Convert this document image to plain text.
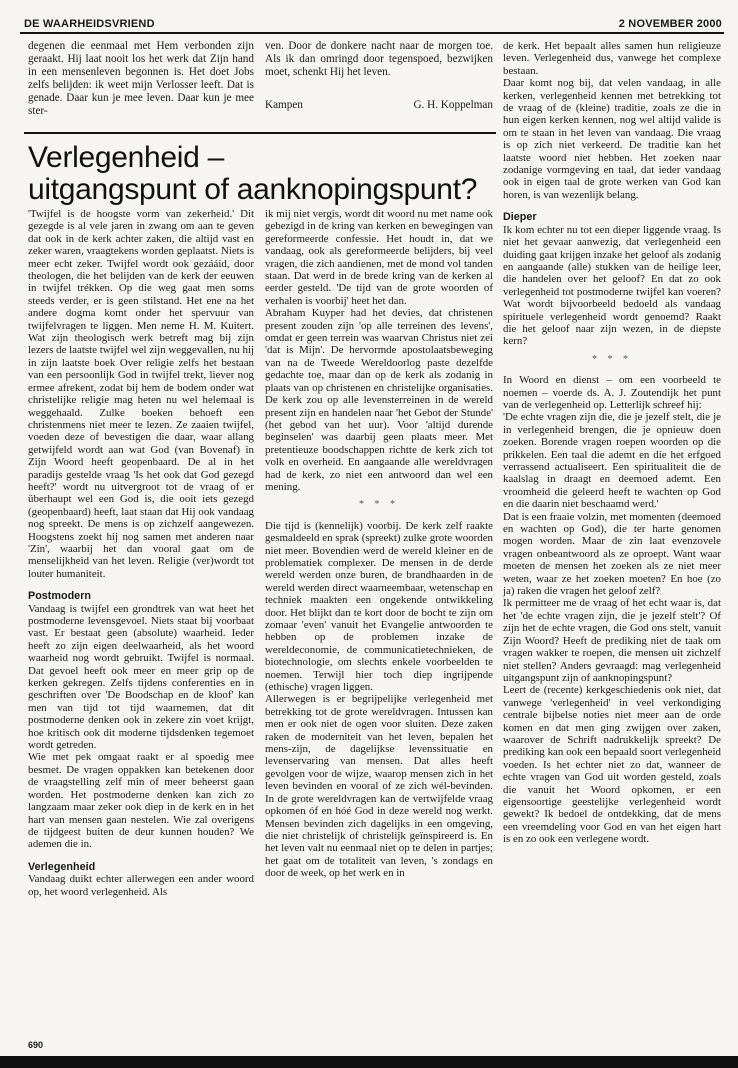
DE WAARHEIDSVRIEND	2 NOVEMBER 2000

degenen die eenmaal met Hem verbonden zijn geraakt. Hij laat nooit los het werk dat Zijn hand in een mensenleven begonnen is. Het doet Jobs zelfs belijden: ik weet mijn Verlosser leeft. Dat is genade. Daar kun je mee leven. Daar kun je mee ster-

ven. Door de donkere nacht naar de morgen toe. Als ik dan omringd door tegenspoed, bezwijken moet, schenkt Hij het leven.

Kampen	G. H. Koppelman
Verlegenheid –
uitgangspunt of aanknopingspunt?

'Twijfel is de hoogste vorm van zekerheid.' Dit gezegde is al vele jaren in zwang om aan te geven dat ook in de kerk achter zaken, die altijd vast en zeker waren, vraagtekens worden geplaatst. Niets is meer echt zeker. Twijfel wordt ook gezááid, door theologen, die het belijden van de kerk der eeuwen in twijfel trékken. Op die weg gaat men soms steeds verder, er is geen stilstand. Het ene na het andere dogma komt onder het spervuur van twijfelvragen te liggen. Men neme H. M. Kuitert. Wat zijn theologisch werk betreft mag bij zijn lezers de laatste twijfel wel zijn weggevallen, nu hij in zijn laatste boek Over religie zelfs het bestaan van een persoonlijk God in twijfel trekt, liever nog ermee afrekent, zodat bij hem de bodem onder wat christelijke religie mag heten nu wel helemaal is weggehaald. Zulke boeken behoeft een christenmens niet meer te lezen. Ze zaaien twijfel, voeden deze of bevestigen die daar, waar allang getwijfeld wordt aan wat God (van Bovenaf) in Zijn Woord heeft geopenbaard. De al in het paradijs gestelde vraag 'Is het ook dat God gezegd heeft?' wordt nu uitvergroot tot de vraag of er überhaupt wel een God is, die ooit iets gezegd (geopenbaard) heeft, laat staan dat Hij ook vandaag nog spreekt. De mens is op zichzelf aangewezen. Hoogstens zoekt hij nog samen met anderen naar 'Zin', waarbij het dan vooral gaat om de menselijkheid van het leven. Religie (ver)wordt tot louter humaniteit.

Postmodern

Vandaag is twijfel een grondtrek van wat heet het postmoderne levensgevoel. Niets staat bij voorbaat vast. Er bestaat geen (absolute) waarheid. Ieder heeft zo zijn eigen deelwaarheid, als het woord waarheid nog wordt gebruikt. Twijfel is normaal. Dat gevoel heeft ook meer en meer grip op de kerken gekregen. Zelfs tijdens conferenties en in geschriften over 'De Boodschap en de kloof' kan men van tijd tot tijd waarnemen, dat dit postmoderne denken ook in zekere zin voet krijgt, hoe kritisch ook dit moderne tijdsdenken tegemoet wordt getreden.

Wie met pek omgaat raakt er al spoedig mee besmet. De vragen oppakken kan betekenen door de vraagstelling zelf min of meer beheerst gaan worden. Het postmoderne denken kan zich zo langzaam maar zeker ook diep in de kerk en in het hart van mensen gaan nestelen. Wie zal overigens de tijdgeest buiten de deur kunnen houden? We ademen die in.

Verlegenheid

Vandaag duikt echter allerwegen een ander woord op, het woord verlegenheid. Als

ik mij niet vergis, wordt dit woord nu met name ook gebezigd in de kring van kerken en bewegingen van gereformeerde confessie. Het houdt in, dat we vandaag, ook als gereformeerde belijders, bij veel vragen, die zich aandienen, met de mond vol tanden staan. Dat werd in de brede kring van de kerken al eerder gesteld. 'De tijd van de grote woorden of verhalen is voorbij' heet het dan.

Abraham Kuyper had het devies, dat christenen present zouden zijn 'op alle terreinen des levens', omdat er geen terrein was waarvan Christus niet zei 'dat is Mijn'. De hervormde apostolaatsbeweging van na de Tweede Wereldoorlog paste dezelfde gedachte toe, maar dan op de kerk als zodanig in plaats van op christenen en christelijke organisaties. De kerk zou op alle levensterreinen in de wereld present zijn en handelen naar 'het Gebot der Stunde' (het gebod van het uur). Voor 'altijd durende beginselen' was daarbij geen plaats meer. Met pretentieuze boodschappen richtte de kerk zich tot volk en overheid. En aangaande alle wereldvragen had de kerk, zo niet een antwoord dan wel een mening.

* * *

Die tijd is (kennelijk) voorbij. De kerk zelf raakte gesmaldeeld en sprak (spreekt) zulke grote woorden niet meer. Bovendien werd de wereld kleiner en de problematiek complexer. De mensen in de derde wereld werden onze buren, de brandhaarden in de wereld werden direct waarneembaar, wetenschap en techniek maakten een ongekende ontwikkeling door. Het blijkt dan te kort door de bocht te zijn om zomaar 'even' vanuit het Evangelie antwoorden te hebben op de problemen inzake de wereldeconomie, de communicatietechnieken, de biotechnologie, om slechts enkele voorbeelden te noemen. Terwijl hier toch diep ingrijpende (ethische) vragen liggen.

Allerwegen is er begrijpelijke verlegenheid met betrekking tot de grote wereldvragen. Intussen kan men er ook niet de ogen voor sluiten. Deze zaken raken de moderniteit van het leven, bepalen het mens-zijn, de dagelijkse levenssituatie en levenservaring van mensen. Dat alles heeft gevolgen voor de wijze, waarop mensen zich in het leven bevinden en vooral of ze zich wél-bevinden. In de grote wereldvragen kan de vertwijfelde vraag opkomen óf en hóé God in deze wereld nog werkt. Mensen bevinden zich dagelijks in een omgeving, die niet christelijk of christelijk geïnspireerd is. En het leven valt nu eenmaal niet op te delen in partjes; het gaat om de totaliteit van leven, 's zondags en door de week, op het werk en in

de kerk. Het bepaalt alles samen hun religieuze leven. Verlegenheid dus, vanwege het complexe bestaan.

Daar komt nog bij, dat velen vandaag, in alle kerken, verlegenheid kennen met betrekking tot de vraag of de (kleine) traditie, zoals ze die in hun eigen kerken kennen, nog wel altijd valide is om te staan in het leven van vandaag. Die vraag is op zich niet verkeerd. De traditie kan het laatste woord niet hebben. Het zoeken naar zodanige vormgeving en taal, dat ieder vandaag ook in eigen taal de grote werken van God kan horen, is van wezenlijk belang.

Dieper

Ik kom echter nu tot een dieper liggende vraag. Is niet het gevaar aanwezig, dat verlegenheid een duiding gaat krijgen inzake het geloof als zodanig en aangaande (alle) stukken van de heilige leer, die handelen over het geloof? En dat zo ook verlegenheid tot postmoderne twijfel kan voeren? Wat wordt bijvoorbeeld bedoeld als vandaag spirituele verlegenheid wordt genoemd? Raakt die het geloof naar zijn wezen, in de diepste kern?

* * *

In Woord en dienst – om een voorbeeld te noemen – voerde ds. A. J. Zoutendijk het punt van de verlegenheid op. Letterlijk schreef hij:

'De echte vragen zijn die, die je jezelf stelt, die je in verlegenheid brengen, die je opnieuw doen zoeken. Borende vragen roepen woorden op die prikkelen. Een taal die ademt en die het erfgoed verrassend actualiseert. Een spiritualiteit die de kaalslag in draagt en deemoed ademt. Een vroomheid die geleerd heeft te wachten op God en die daarin niet beschaamd werd.'

Dat is een fraaie volzin, met momenten (deemoed en wachten op God), die ter harte genomen mogen worden. Maar de zin laat evenzovele vragen onbeantwoord als ze oproept. Want waar moeten de mensen het zoeken als ze niet meer weten, waar ze het zoeken moeten? En hoe (zo ja) raken die vragen het geloof zelf?

Ik permitteer me de vraag of het echt waar is, dat het 'de echte vragen zijn, die je jezelf stelt'? Of zijn het de echte vragen, die God ons stelt, vanuit Zijn Woord? Heeft de prediking niet de taak om vragen wakker te roepen, die mensen uit zichzelf niet stellen? Anders gevraagd: mag verlegenheid uitgangspunt zijn of aanknopingspunt?

Leert de (recente) kerkgeschiedenis ook niet, dat vanwege 'verlegenheid' in veel verkondiging centrale bijbelse noties niet meer aan de orde komen en dat men ging zwijgen over zaken, waarover de Schrift nadrukkelijk spreekt? De prediking kan ook een bepaald soort verlegenheid voeden. Is het echter niet zo dat, wanneer de echte vragen van God uit worden gesteld, zoals die vanuit het Woord opkomen, er een eigensoortige geestelijke verlegenheid wordt gewekt? Ik bedoel de ontdekking, dat de mens een vreemdeling voor God en van het eigen hart is en zo ook een verlegene wordt.

690
